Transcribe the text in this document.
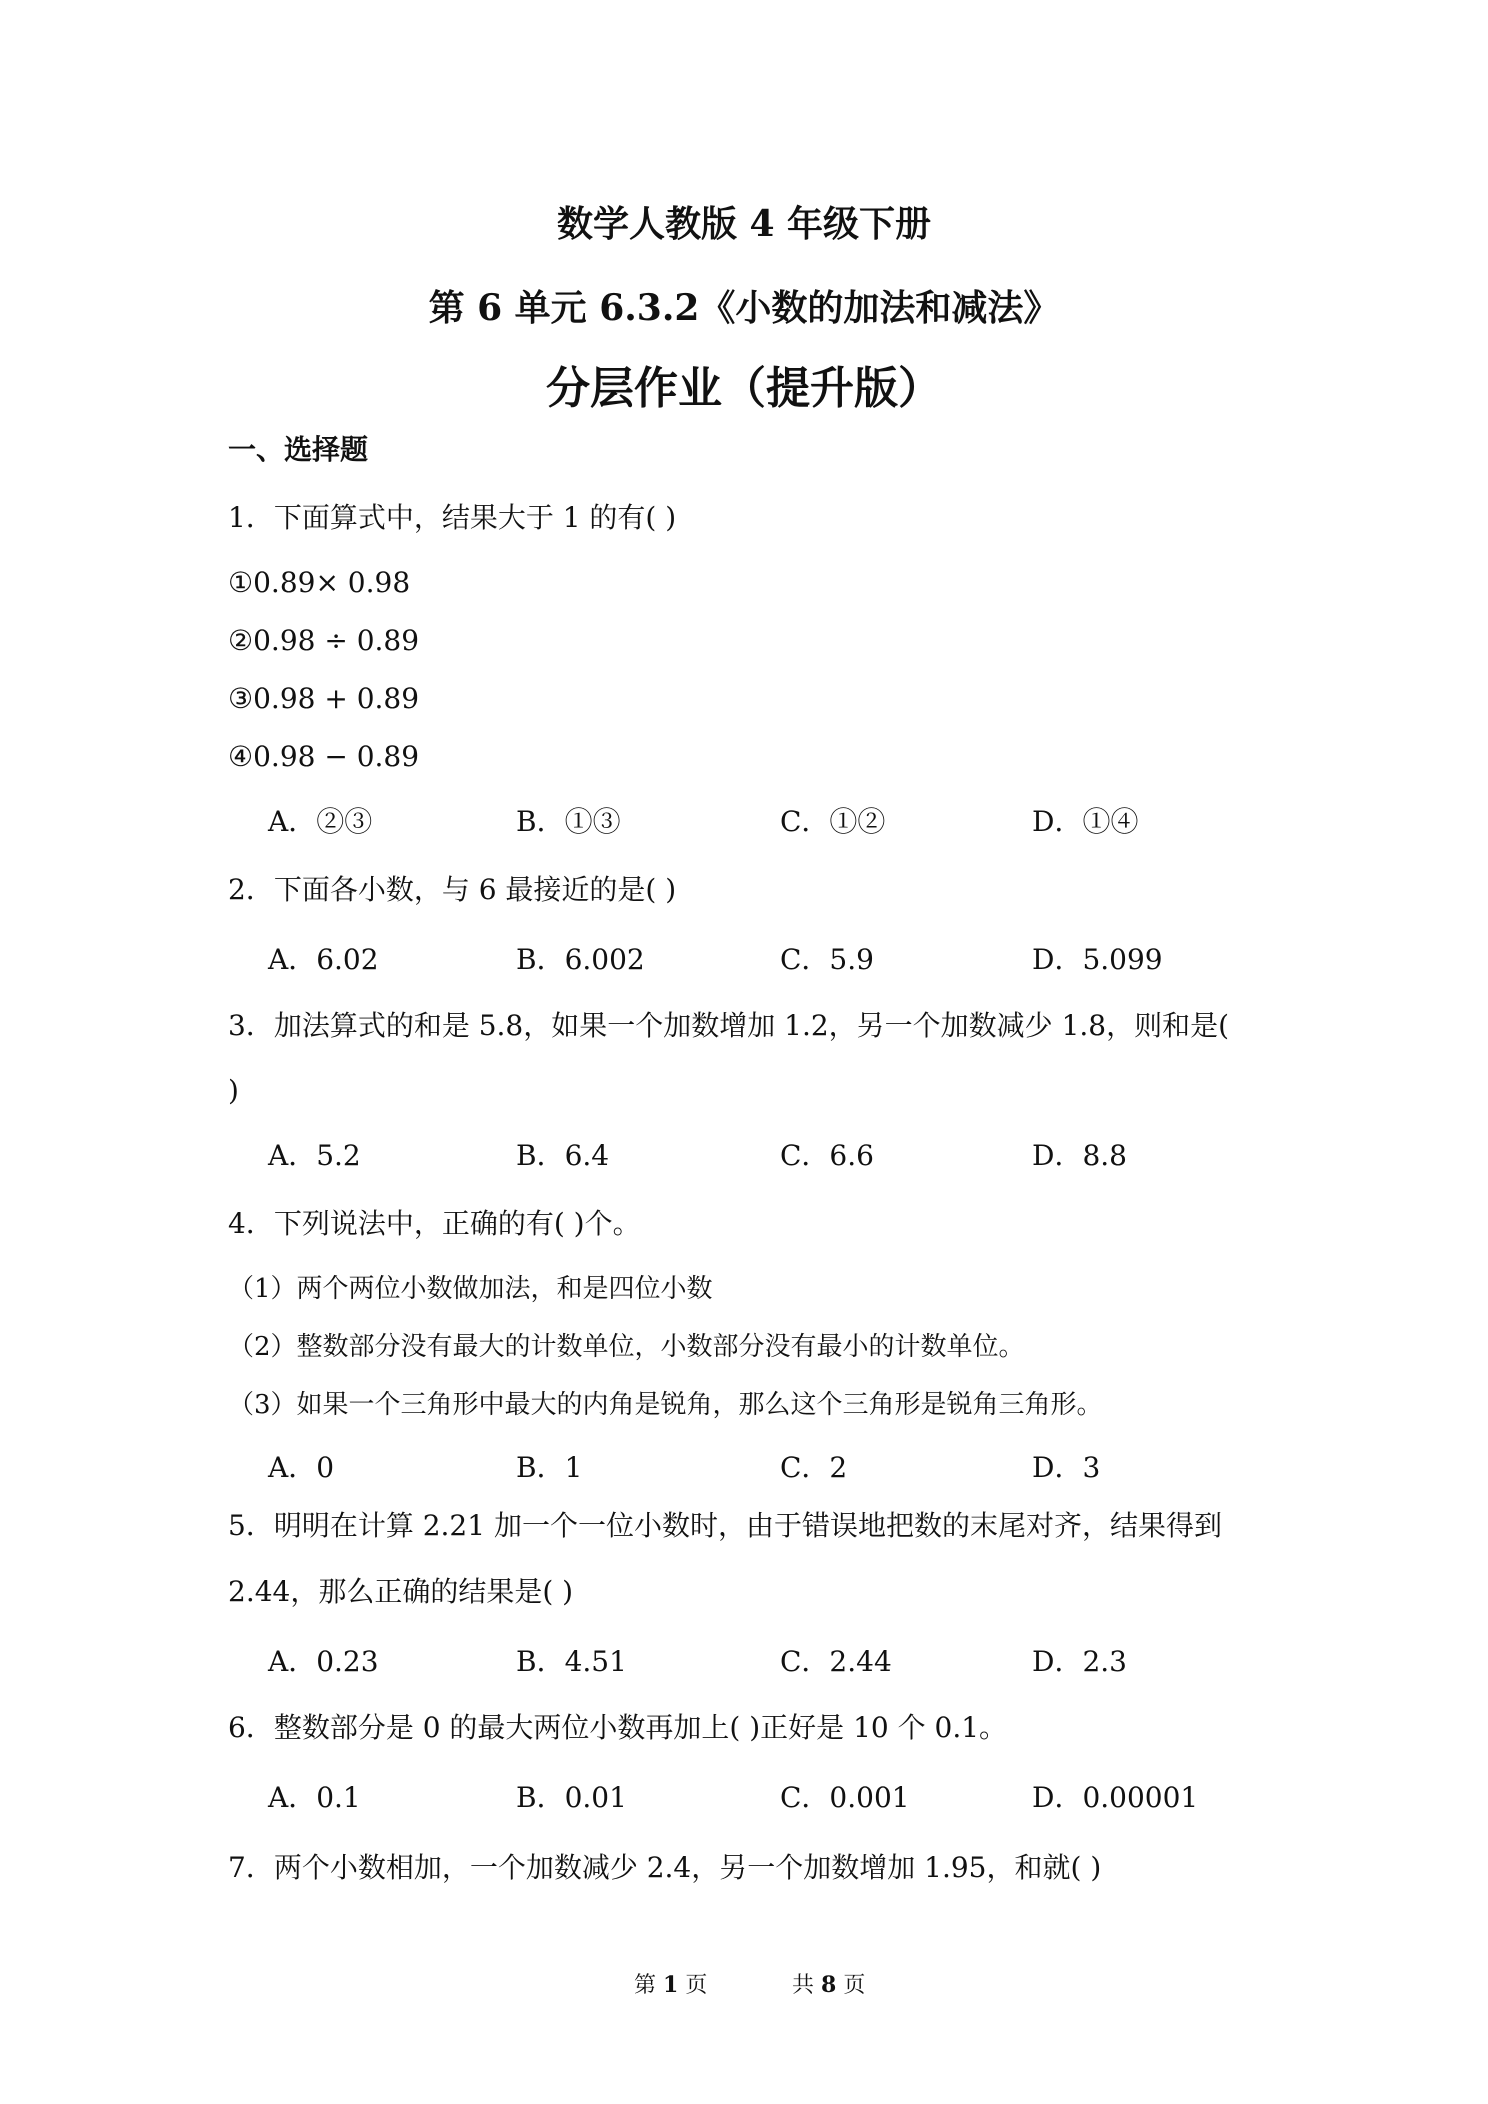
数学人教版 4 年级下册
第 6 单元 6.3.2《小数的加法和减法》
分层作业（提升版）
一、选择题
1．下面算式中，结果大于 1 的有( )
①0.89× 0.98
②0.98 ÷ 0.89
③0.98 + 0.89
④0.98 − 0.89
A．②③	B．①③	C．①②	D．①④
2．下面各小数，与 6 最接近的是( )
A．6.02	B．6.002	C．5.9	D．5.099
3．加法算式的和是 5.8，如果一个加数增加 1.2，另一个加数减少 1.8，则和是(
)
A．5.2	B．6.4	C．6.6	D．8.8
4．下列说法中，正确的有( )个。
（1）两个两位小数做加法，和是四位小数
（2）整数部分没有最大的计数单位，小数部分没有最小的计数单位。
（3）如果一个三角形中最大的内角是锐角，那么这个三角形是锐角三角形。
A．0	B．1	C．2	D．3
5．明明在计算 2.21 加一个一位小数时，由于错误地把数的末尾对齐，结果得到
2.44，那么正确的结果是( )
A．0.23	B．4.51	C．2.44	D．2.3
6．整数部分是 0 的最大两位小数再加上( )正好是 10 个 0.1。
A．0.1	B．0.01	C．0.001	D．0.00001
7．两个小数相加，一个加数减少 2.4，另一个加数增加 1.95，和就( )
第 1 页	共 8 页
